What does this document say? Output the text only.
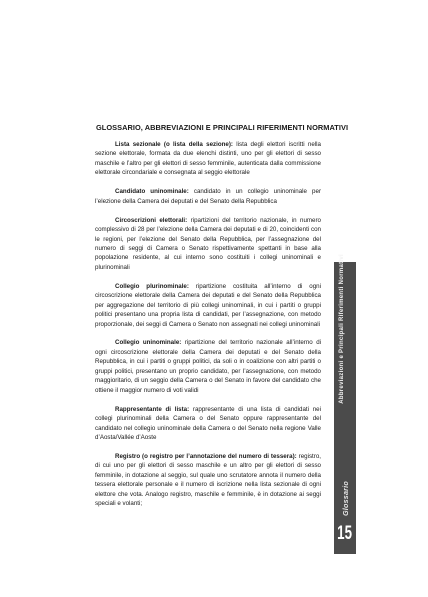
GLOSSARIO, ABBREVIAZIONI E PRINCIPALI RIFERIMENTI NORMATIVI

Lista sezionale (o lista della sezione): lista degli elettori iscritti nella sezione elettorale, formata da due elenchi distinti, uno per gli elettori di sesso maschile e l’altro per gli elettori di sesso femminile, autenticata dalla commissione elettorale circondariale e consegnata al seggio elettorale

Candidato uninominale: candidato in un collegio uninominale per l’elezione della Camera dei deputati e del Senato della Repubblica

Circoscrizioni elettorali: ripartizioni del territorio nazionale, in numero complessivo di 28 per l’elezione della Camera dei deputati e di 20, coincidenti con le regioni, per l’elezione del Senato della Repubblica, per l’assegnazione del numero di seggi di Camera o Senato rispettivamente spettanti in base alla popolazione residente, al cui interno sono costituiti i collegi uninominali e plurinominali

Collegio plurinominale: ripartizione costituita all’interno di ogni circoscrizione elettorale della Camera dei deputati e del Senato della Repubblica per aggregazione del territorio di più collegi uninominali, in cui i partiti o gruppi politici presentano una propria lista di candidati, per l’assegnazione, con metodo proporzionale, dei seggi di Camera o Senato non assegnati nei collegi uninominali

Collegio uninominale: ripartizione del territorio nazionale all’interno di ogni circoscrizione elettorale della Camera dei deputati e del Senato della Repubblica, in cui i partiti o gruppi politici, da soli o in coalizione con altri partiti o gruppi politici, presentano un proprio candidato, per l’assegnazione, con metodo maggioritario, di un seggio della Camera o del Senato in favore del candidato che ottiene il maggior numero di voti validi

Rappresentante di lista: rappresentante di una lista di candidati nei collegi plurinominali della Camera o del Senato oppure rappresentante del candidato nel collegio uninominale della Camera o del Senato nella regione Valle d’Aosta/Vallée d’Aoste

Registro (o registro per l’annotazione del numero di tessera): registro, di cui uno per gli elettori di sesso maschile e un altro per gli elettori di sesso femminile, in dotazione al seggio, sul quale uno scrutatore annota il numero della tessera elettorale personale e il numero di iscrizione nella lista sezionale di ogni elettore che vota. Analogo registro, maschile e femminile, è in dotazione ai seggi speciali e volanti;

Abbreviazioni e Principali Riferimenti Normativi
Glossario
15
